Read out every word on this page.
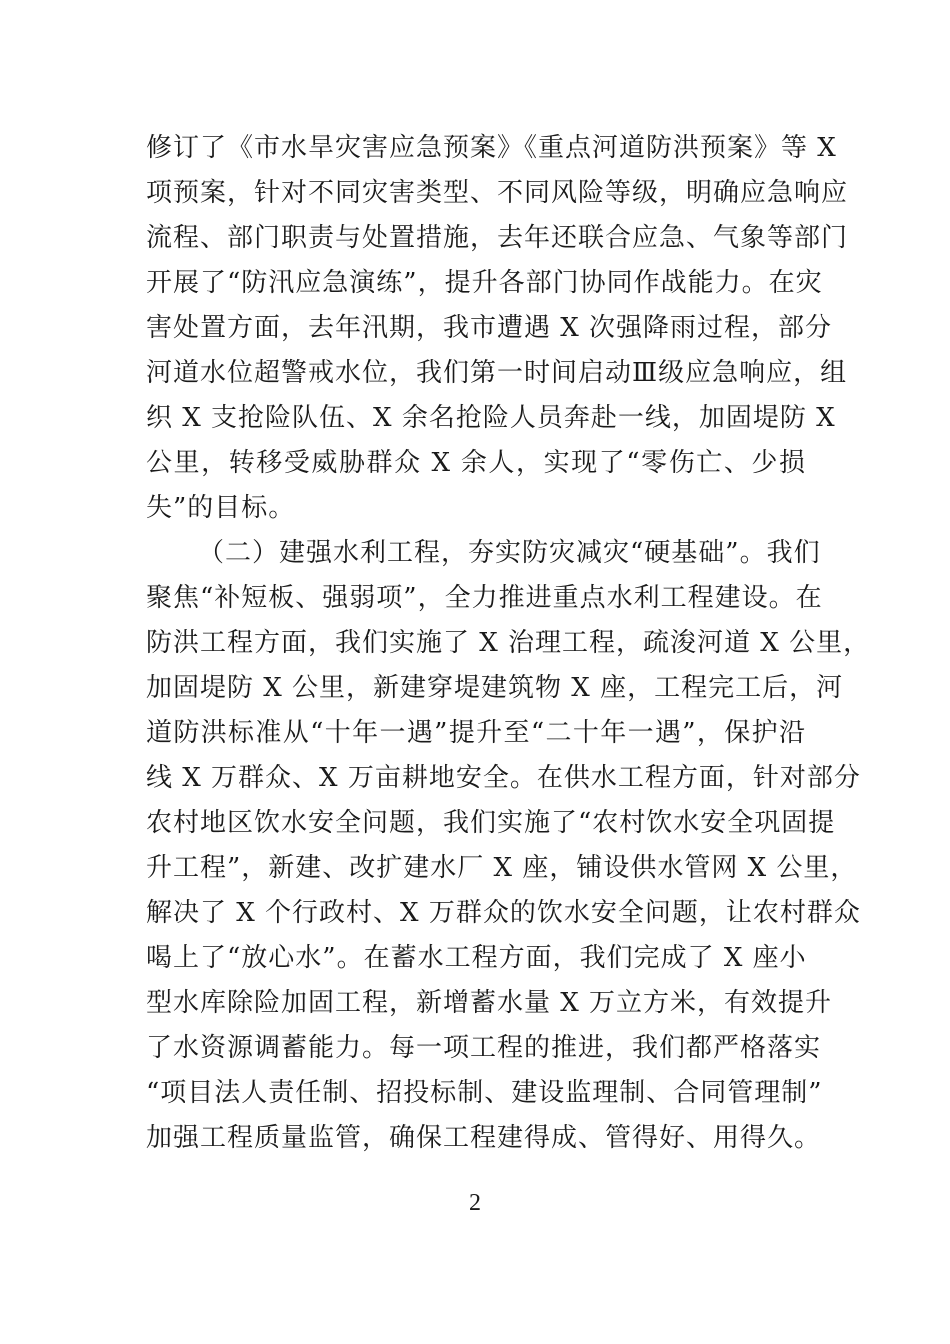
修订了《市水旱灾害应急预案》《重点河道防洪预案》等 X
项预案，针对不同灾害类型、不同风险等级，明确应急响应
流程、部门职责与处置措施，去年还联合应急、气象等部门
开展了“防汛应急演练”，提升各部门协同作战能力。在灾
害处置方面，去年汛期，我市遭遇 X 次强降雨过程，部分
河道水位超警戒水位，我们第一时间启动Ⅲ级应急响应，组
织 X 支抢险队伍、X 余名抢险人员奔赴一线，加固堤防 X
公里，转移受威胁群众 X 余人，实现了“零伤亡、少损
失”的目标。
（二）建强水利工程，夯实防灾减灾“硬基础”。我们
聚焦“补短板、强弱项”，全力推进重点水利工程建设。在
防洪工程方面，我们实施了 X 治理工程，疏浚河道 X 公里，
加固堤防 X 公里，新建穿堤建筑物 X 座，工程完工后，河
道防洪标准从“十年一遇”提升至“二十年一遇”，保护沿
线 X 万群众、X 万亩耕地安全。在供水工程方面，针对部分
农村地区饮水安全问题，我们实施了“农村饮水安全巩固提
升工程”，新建、改扩建水厂 X 座，铺设供水管网 X 公里，
解决了 X 个行政村、X 万群众的饮水安全问题，让农村群众
喝上了“放心水”。在蓄水工程方面，我们完成了 X 座小
型水库除险加固工程，新增蓄水量 X 万立方米，有效提升
了水资源调蓄能力。每一项工程的推进，我们都严格落实
“项目法人责任制、招投标制、建设监理制、合同管理制”
加强工程质量监管，确保工程建得成、管得好、用得久。
2
